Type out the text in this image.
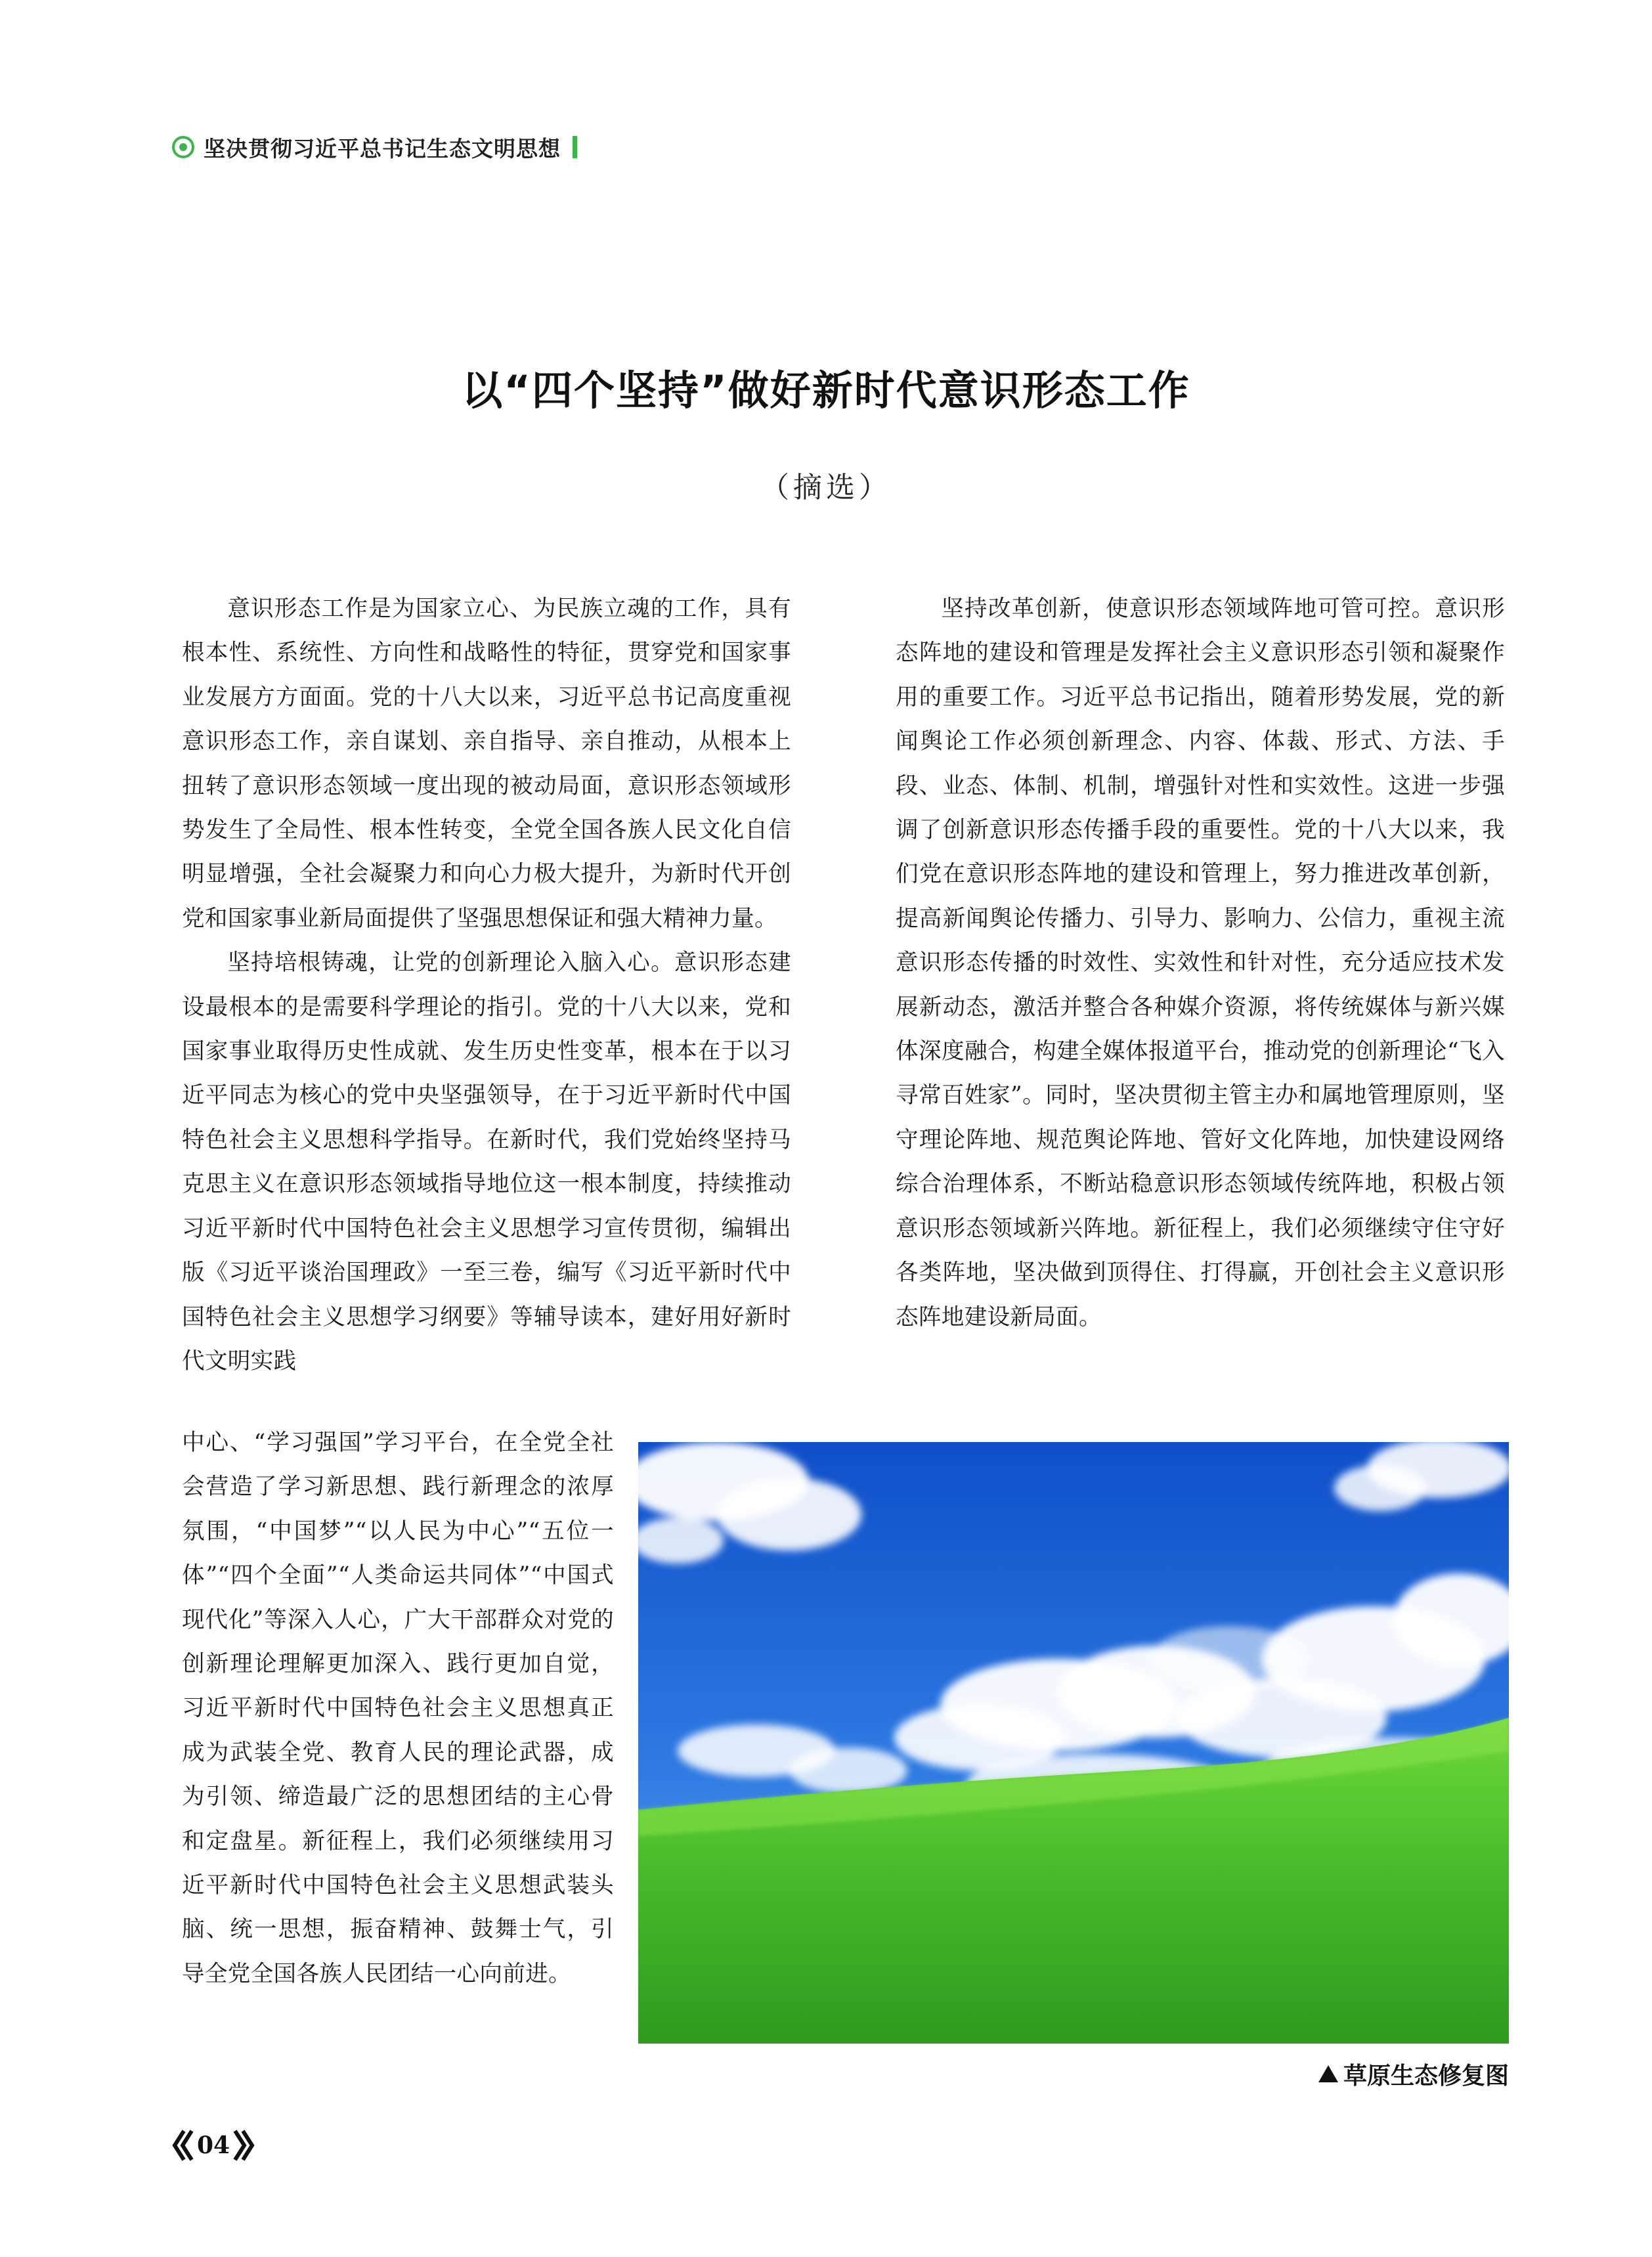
坚决贯彻习近平总书记生态文明思想
以“四个坚持”做好新时代意识形态工作
（摘选）

意识形态工作是为国家立心、为民族立魂的工作，具有根本性、系统性、方向性和战略性的特征，贯穿党和国家事业发展方方面面。党的十八大以来，习近平总书记高度重视意识形态工作，亲自谋划、亲自指导、亲自推动，从根本上扭转了意识形态领域一度出现的被动局面，意识形态领域形势发生了全局性、根本性转变，全党全国各族人民文化自信明显增强，全社会凝聚力和向心力极大提升，为新时代开创党和国家事业新局面提供了坚强思想保证和强大精神力量。

坚持培根铸魂，让党的创新理论入脑入心。意识形态建设最根本的是需要科学理论的指引。党的十八大以来，党和国家事业取得历史性成就、发生历史性变革，根本在于以习近平同志为核心的党中央坚强领导，在于习近平新时代中国特色社会主义思想科学指导。在新时代，我们党始终坚持马克思主义在意识形态领域指导地位这一根本制度，持续推动习近平新时代中国特色社会主义思想学习宣传贯彻，编辑出版《习近平谈治国理政》一至三卷，编写《习近平新时代中国特色社会主义思想学习纲要》等辅导读本，建好用好新时代文明实践

中心、“学习强国”学习平台，在全党全社会营造了学习新思想、践行新理念的浓厚氛围，“中国梦”“以人民为中心”“五位一体”“四个全面”“人类命运共同体”“中国式现代化”等深入人心，广大干部群众对党的创新理论理解更加深入、践行更加自觉，习近平新时代中国特色社会主义思想真正成为武装全党、教育人民的理论武器，成为引领、缔造最广泛的思想团结的主心骨和定盘星。新征程上，我们必须继续用习近平新时代中国特色社会主义思想武装头脑、统一思想，振奋精神、鼓舞士气，引导全党全国各族人民团结一心向前进。

坚持改革创新，使意识形态领域阵地可管可控。意识形态阵地的建设和管理是发挥社会主义意识形态引领和凝聚作用的重要工作。习近平总书记指出，随着形势发展，党的新闻舆论工作必须创新理念、内容、体裁、形式、方法、手段、业态、体制、机制，增强针对性和实效性。这进一步强调了创新意识形态传播手段的重要性。党的十八大以来，我们党在意识形态阵地的建设和管理上，努力推进改革创新，提高新闻舆论传播力、引导力、影响力、公信力，重视主流意识形态传播的时效性、实效性和针对性，充分适应技术发展新动态，激活并整合各种媒介资源，将传统媒体与新兴媒体深度融合，构建全媒体报道平台，推动党的创新理论“飞入寻常百姓家”。同时，坚决贯彻主管主办和属地管理原则，坚守理论阵地、规范舆论阵地、管好文化阵地，加快建设网络综合治理体系，不断站稳意识形态领域传统阵地，积极占领意识形态领域新兴阵地。新征程上，我们必须继续守住守好各类阵地，坚决做到顶得住、打得赢，开创社会主义意识形态阵地建设新局面。

草原生态修复图
04
